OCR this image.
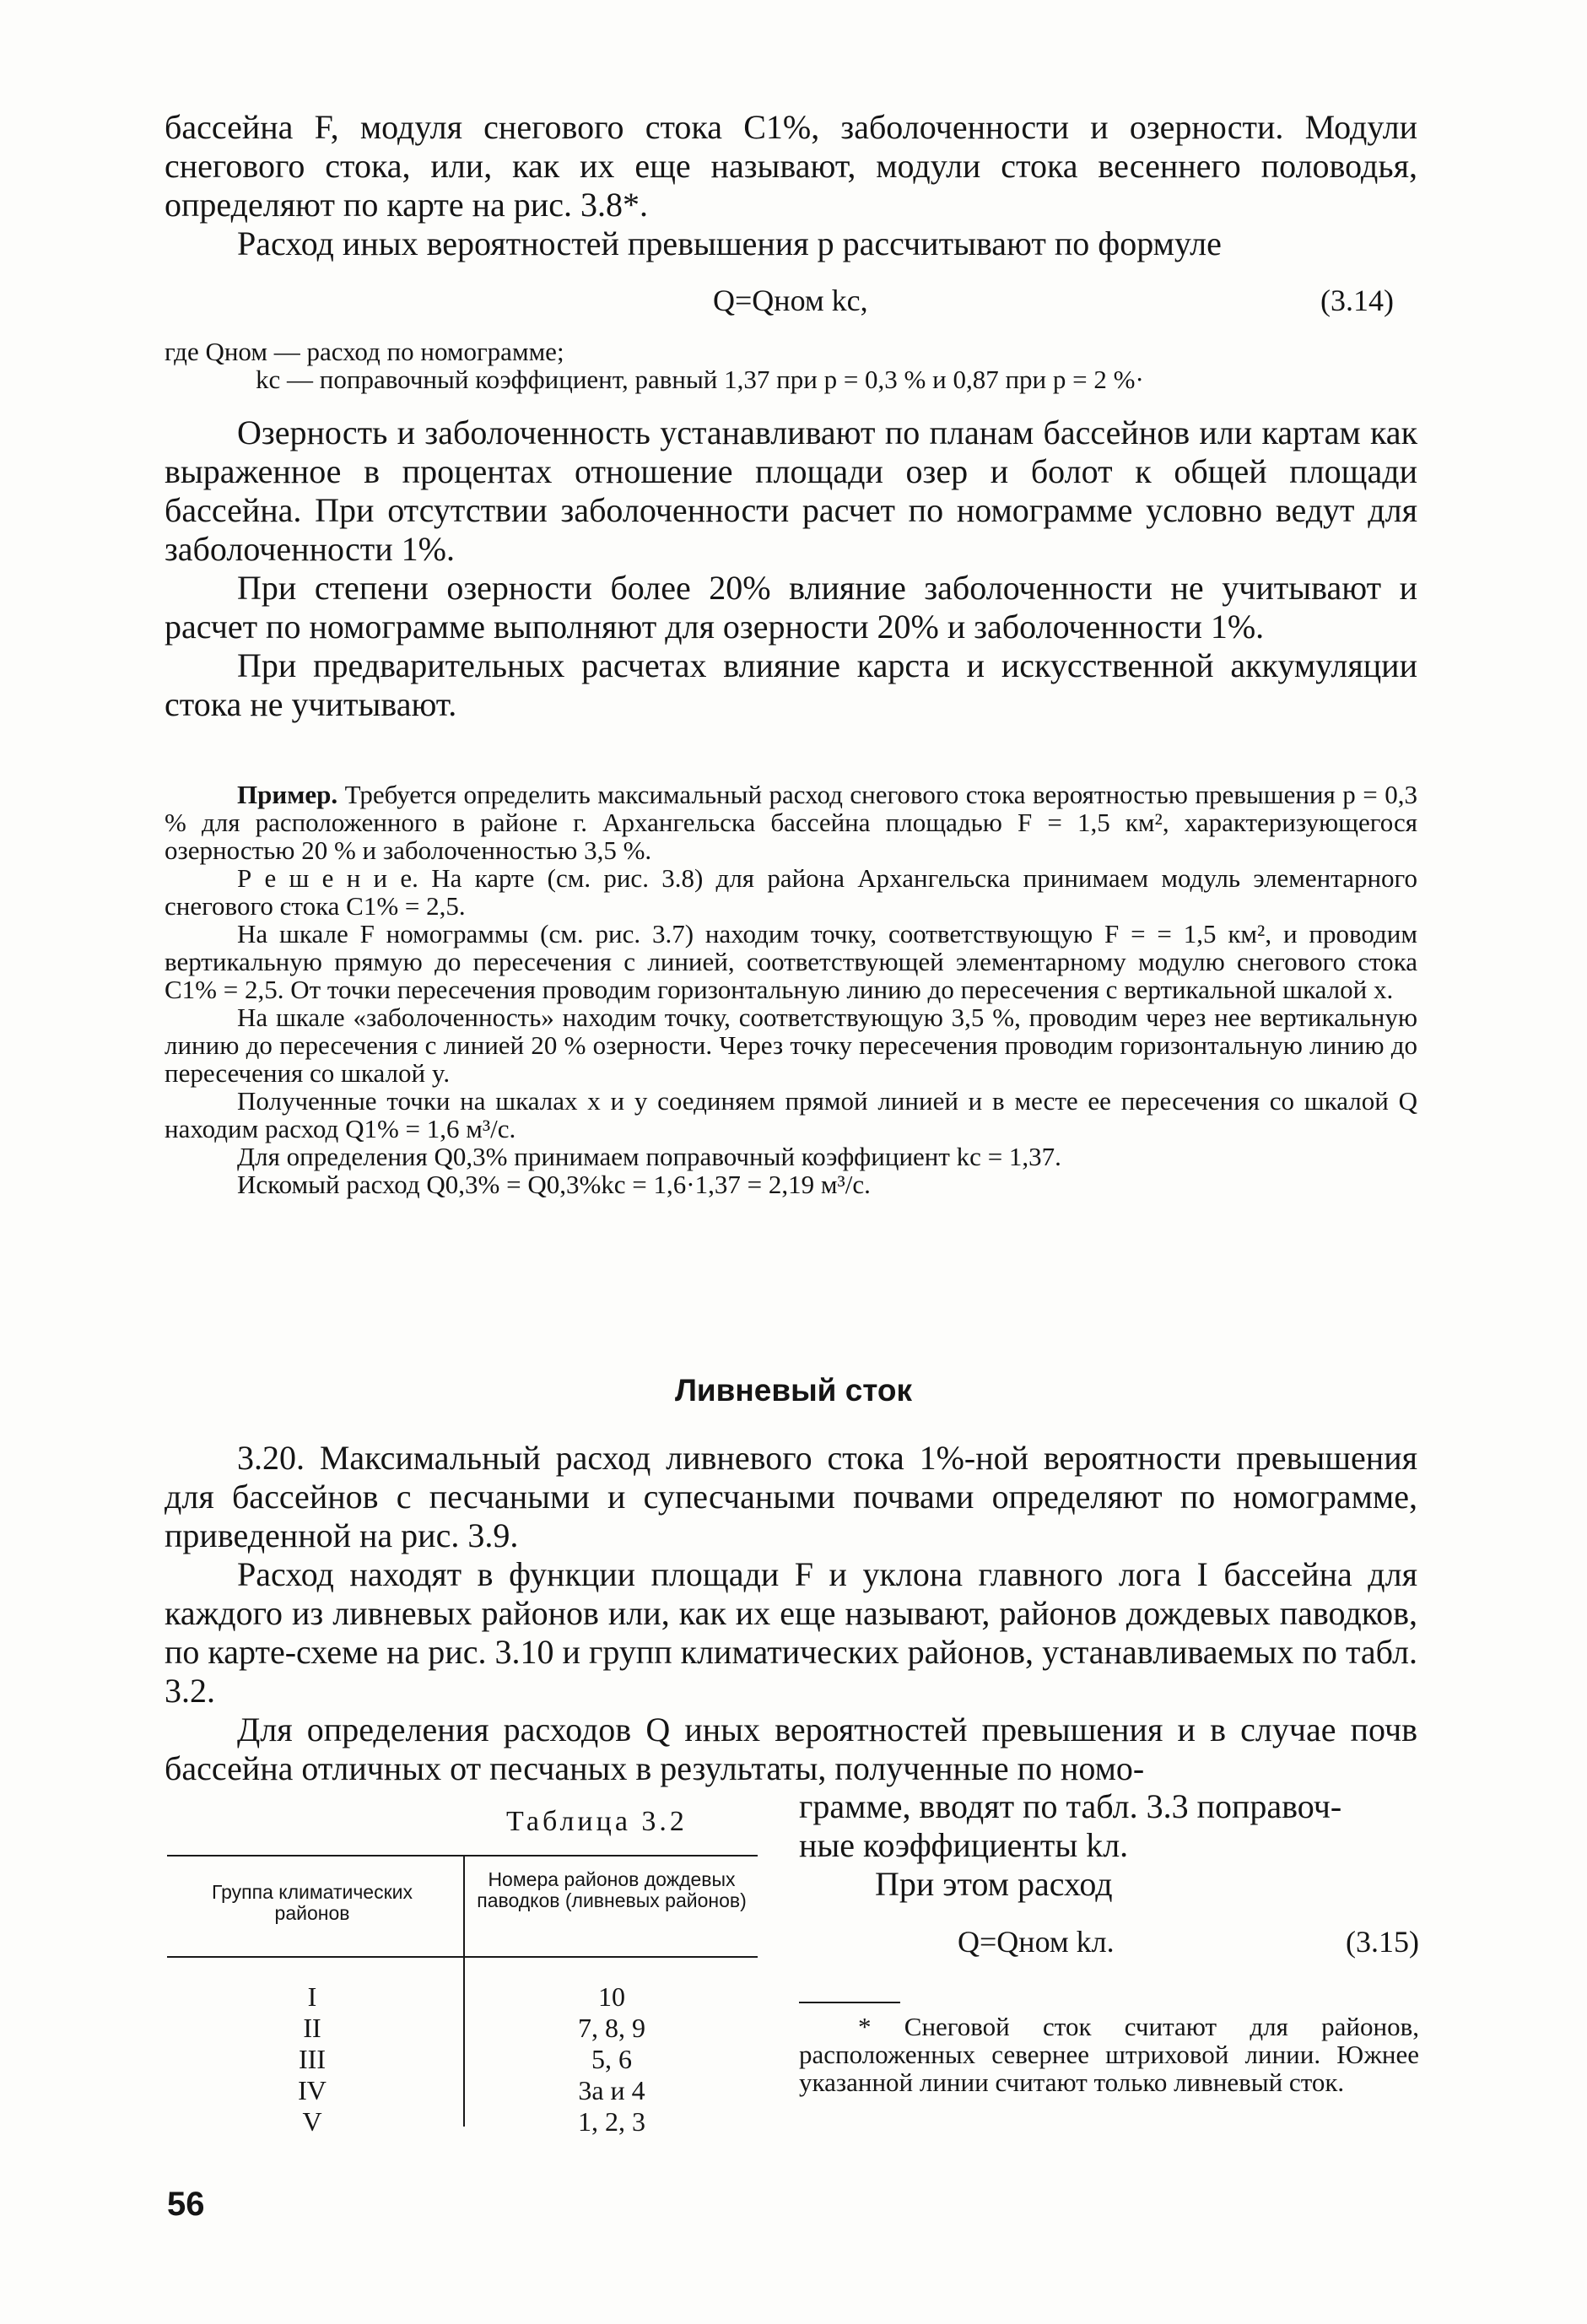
бассейна F, модуля снегового стока C1%, заболоченности и озерности. Модули снегового стока, или, как их еще называют, модули стока весеннего половодья, определяют по карте на рис. 3.8*.

Расход иных вероятностей превышения p рассчитывают по формуле

Q=Qном kс,	(3.14)
где Qном — расход по номограмме;
kс — поправочный коэффициент, равный 1,37 при p = 0,3 % и 0,87 при p = 2 %·

Озерность и заболоченность устанавливают по планам бассейнов или картам как выраженное в процентах отношение площади озер и болот к общей площади бассейна. При отсутствии заболоченности расчет по номограмме условно ведут для заболоченности 1%.

При степени озерности более 20% влияние заболоченности не учитывают и расчет по номограмме выполняют для озерности 20% и заболоченности 1%.

При предварительных расчетах влияние карста и искусственной аккумуляции стока не учитывают.

Пример. Требуется определить максимальный расход снегового стока вероятностью превышения p = 0,3 % для расположенного в районе г. Архангельска бассейна площадью F = 1,5 км², характеризующегося озерностью 20 % и заболоченностью 3,5 %.

Р е ш е н и е. На карте (см. рис. 3.8) для района Архангельска принимаем модуль элементарного снегового стока C1% = 2,5.

На шкале F номограммы (см. рис. 3.7) находим точку, соответствующую F = = 1,5 км², и проводим вертикальную прямую до пересечения с линией, соответствующей элементарному модулю снегового стока C1% = 2,5. От точки пересечения проводим горизонтальную линию до пересечения с вертикальной шкалой x.

На шкале «заболоченность» находим точку, соответствующую 3,5 %, проводим через нее вертикальную линию до пересечения с линией 20 % озерности. Через точку пересечения проводим горизонтальную линию до пересечения со шкалой y.

Полученные точки на шкалах x и y соединяем прямой линией и в месте ее пересечения со шкалой Q находим расход Q1% = 1,6 м³/с.

Для определения Q0,3% принимаем поправочный коэффициент kс = 1,37.

Искомый расход Q0,3% = Q0,3%kс = 1,6·1,37 = 2,19 м³/с.

Ливневый сток

3.20. Максимальный расход ливневого стока 1%-ной вероятности превышения для бассейнов с песчаными и супесчаными почвами определяют по номограмме, приведенной на рис. 3.9.

Расход находят в функции площади F и уклона главного лога I бассейна для каждого из ливневых районов или, как их еще называют, районов дождевых паводков, по карте-схеме на рис. 3.10 и групп климатических районов, устанавливаемых по табл. 3.2.

Для определения расходов Q иных вероятностей превышения и в случае почв бассейна отличных от песчаных в результаты, полученные по номо-

грамме, вводят по табл. 3.3 поправоч-
ные коэффициенты kл.
При этом расход
Q=Qном kл.	(3.15)
* Снеговой сток считают для районов, расположенных севернее штриховой линии. Южнее указанной линии считают только ливневый сток.
Таблица 3.2
Группа климатических районов
Номера районов дождевых паводков (ливневых районов)
I
II
III
IV
V
10
7, 8, 9
5, 6
3а и 4
1, 2, 3
56
